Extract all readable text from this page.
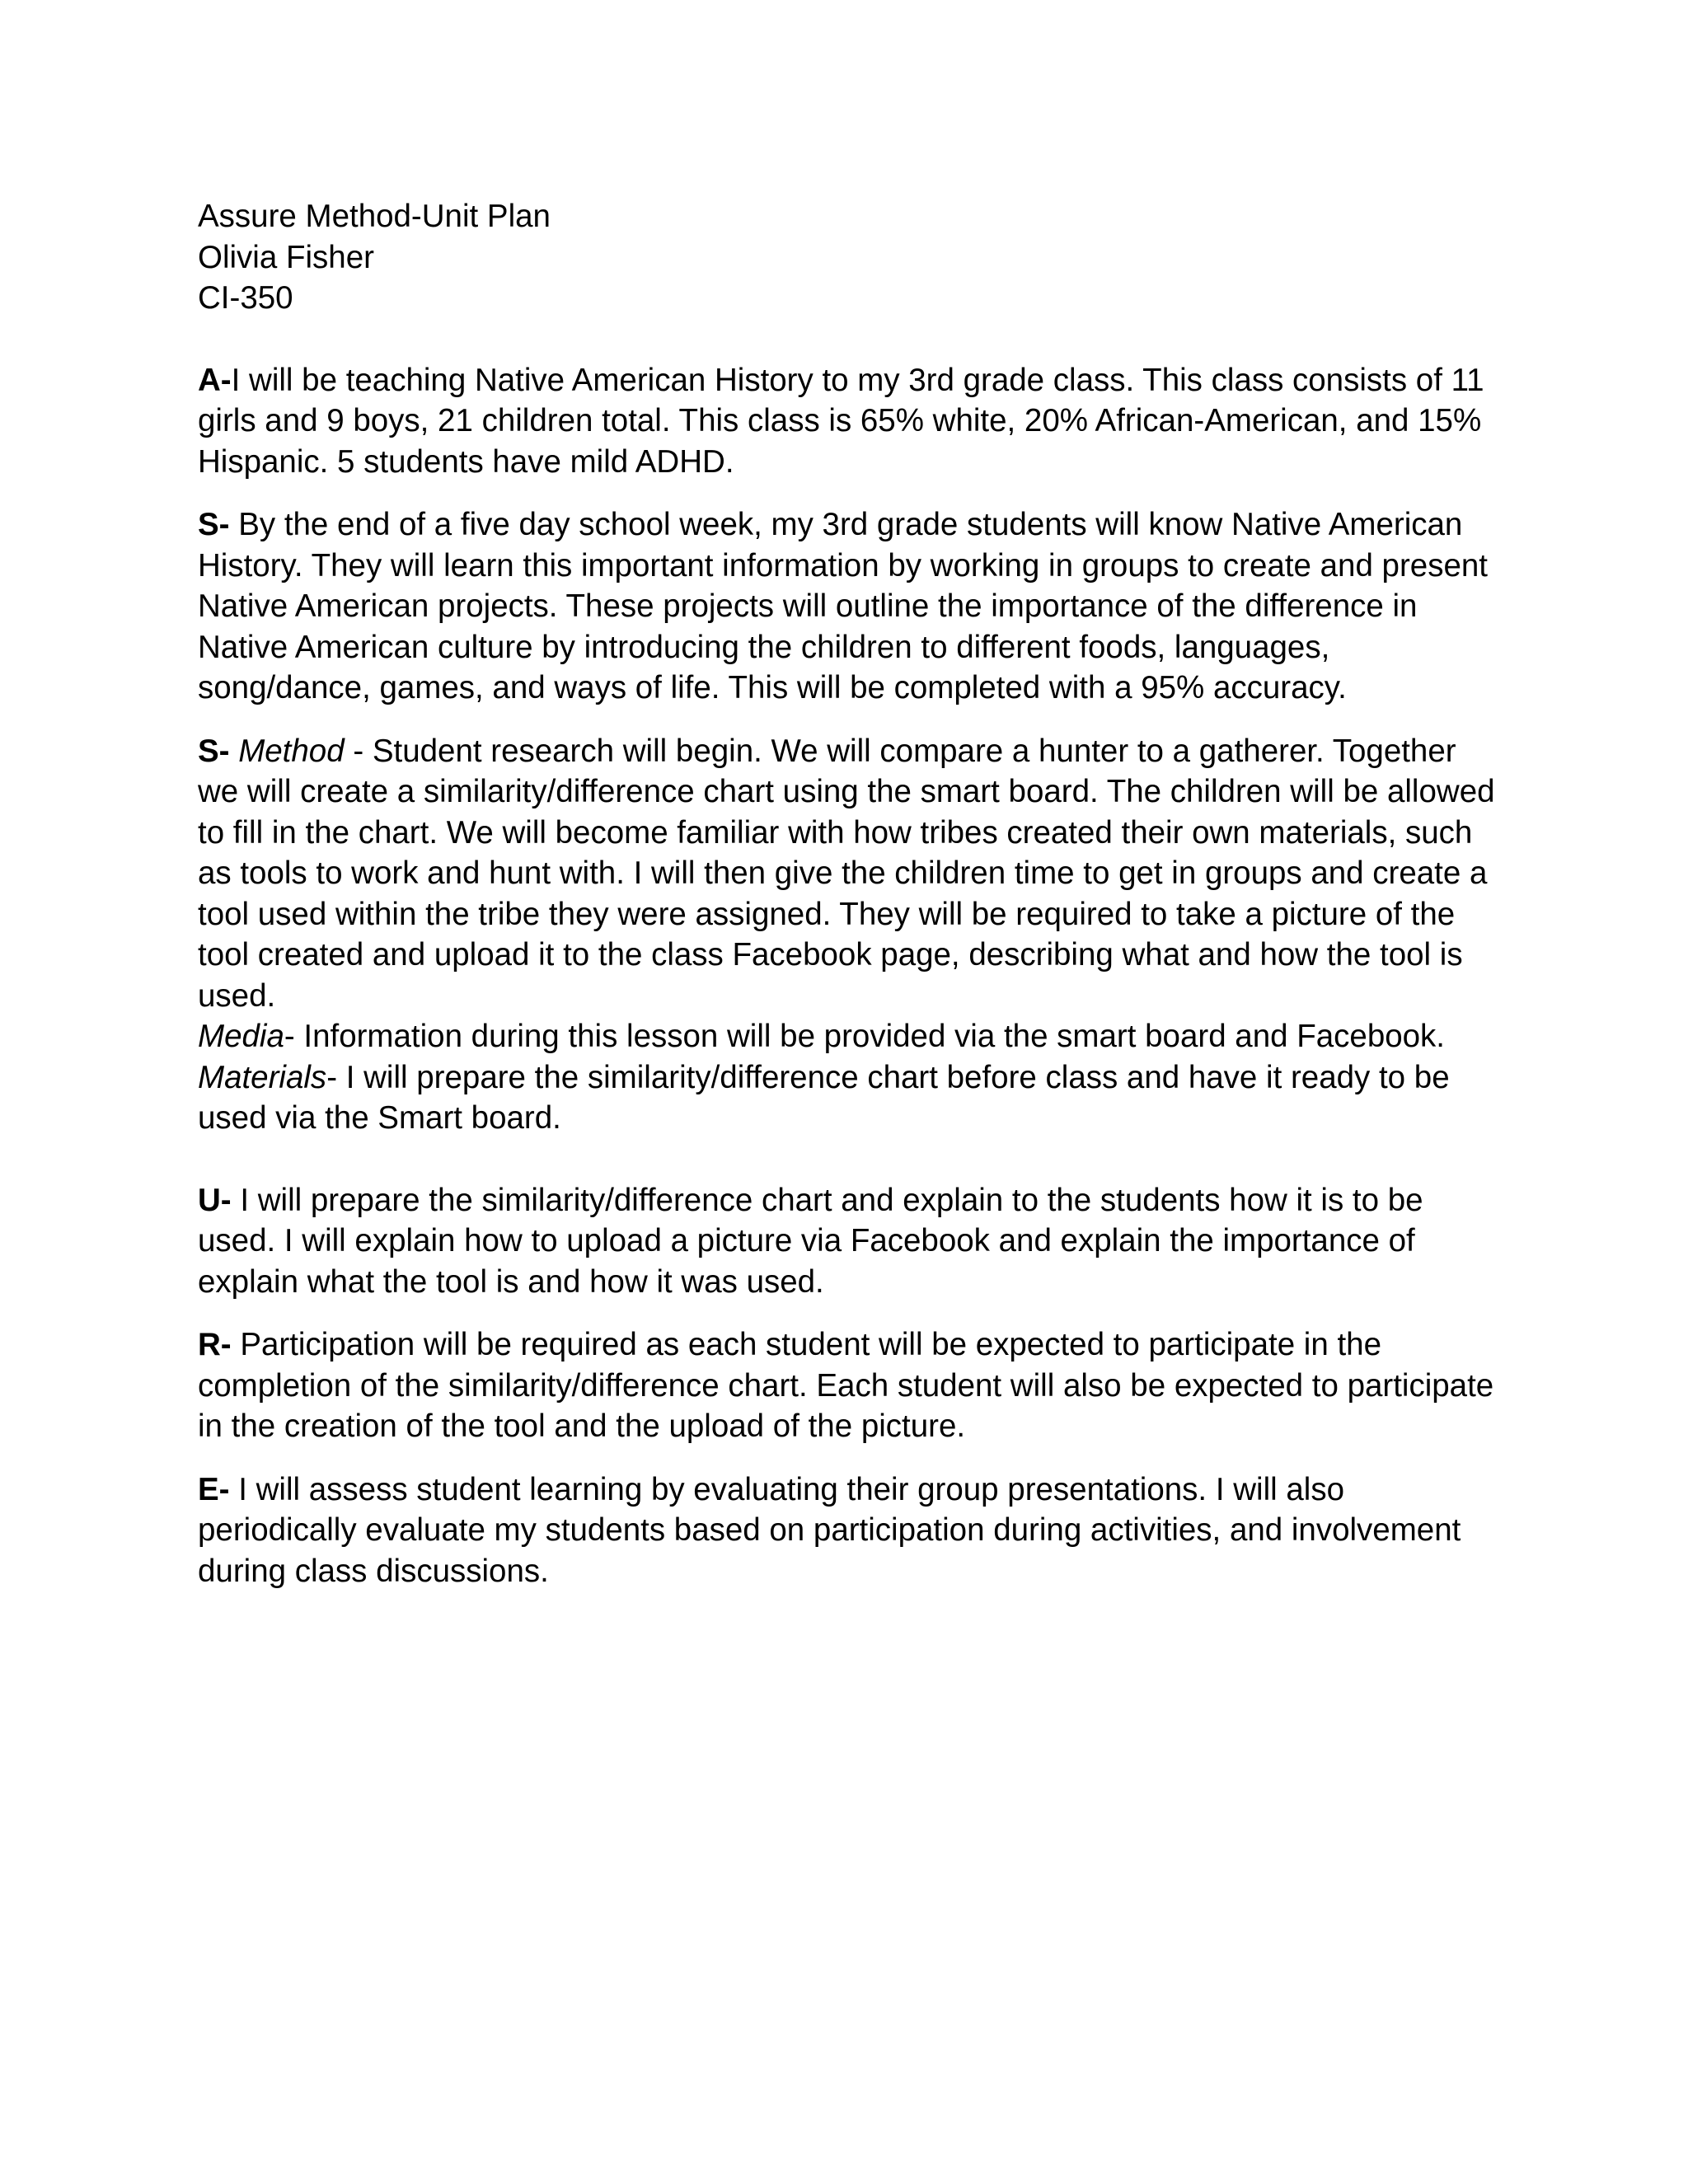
Assure Method-Unit Plan
Olivia Fisher
CI-350

A-I will be teaching Native American History to my 3rd grade class. This class consists of 11 girls and 9 boys, 21 children total. This class is 65% white, 20% African-American, and 15% Hispanic. 5 students have mild ADHD.

S- By the end of a five day school week, my 3rd grade students will know Native American History. They will learn this important information by working in groups to create and present Native American projects. These projects will outline the importance of the difference in Native American culture by introducing the children to different foods, languages, song/dance, games, and ways of life. This will be completed with a 95% accuracy.

S- Method - Student research will begin. We will compare a hunter to a gatherer. Together we will create a similarity/difference chart using the smart board. The children will be allowed to fill in the chart. We will become familiar with how tribes created their own materials, such as tools to work and hunt with. I will then give the children time to get in groups and create a tool used within the tribe they were assigned. They will be required to take a picture of the tool created and upload it to the class Facebook page, describing what and how the tool is used.
Media- Information during this lesson will be provided via the smart board and Facebook.
Materials- I will prepare the similarity/difference chart before class and have it ready to be used via the Smart board.

U- I will prepare the similarity/difference chart and explain to the students how it is to be used. I will explain how to upload a picture via Facebook and explain the importance of explain what the tool is and how it was used.

R- Participation will be required as each student will be expected to participate in the completion of the similarity/difference chart. Each student will also be expected to participate in the creation of the tool and the upload of the picture.

E- I will assess student learning by evaluating their group presentations. I will also periodically evaluate my students based on participation during activities, and involvement during class discussions.
